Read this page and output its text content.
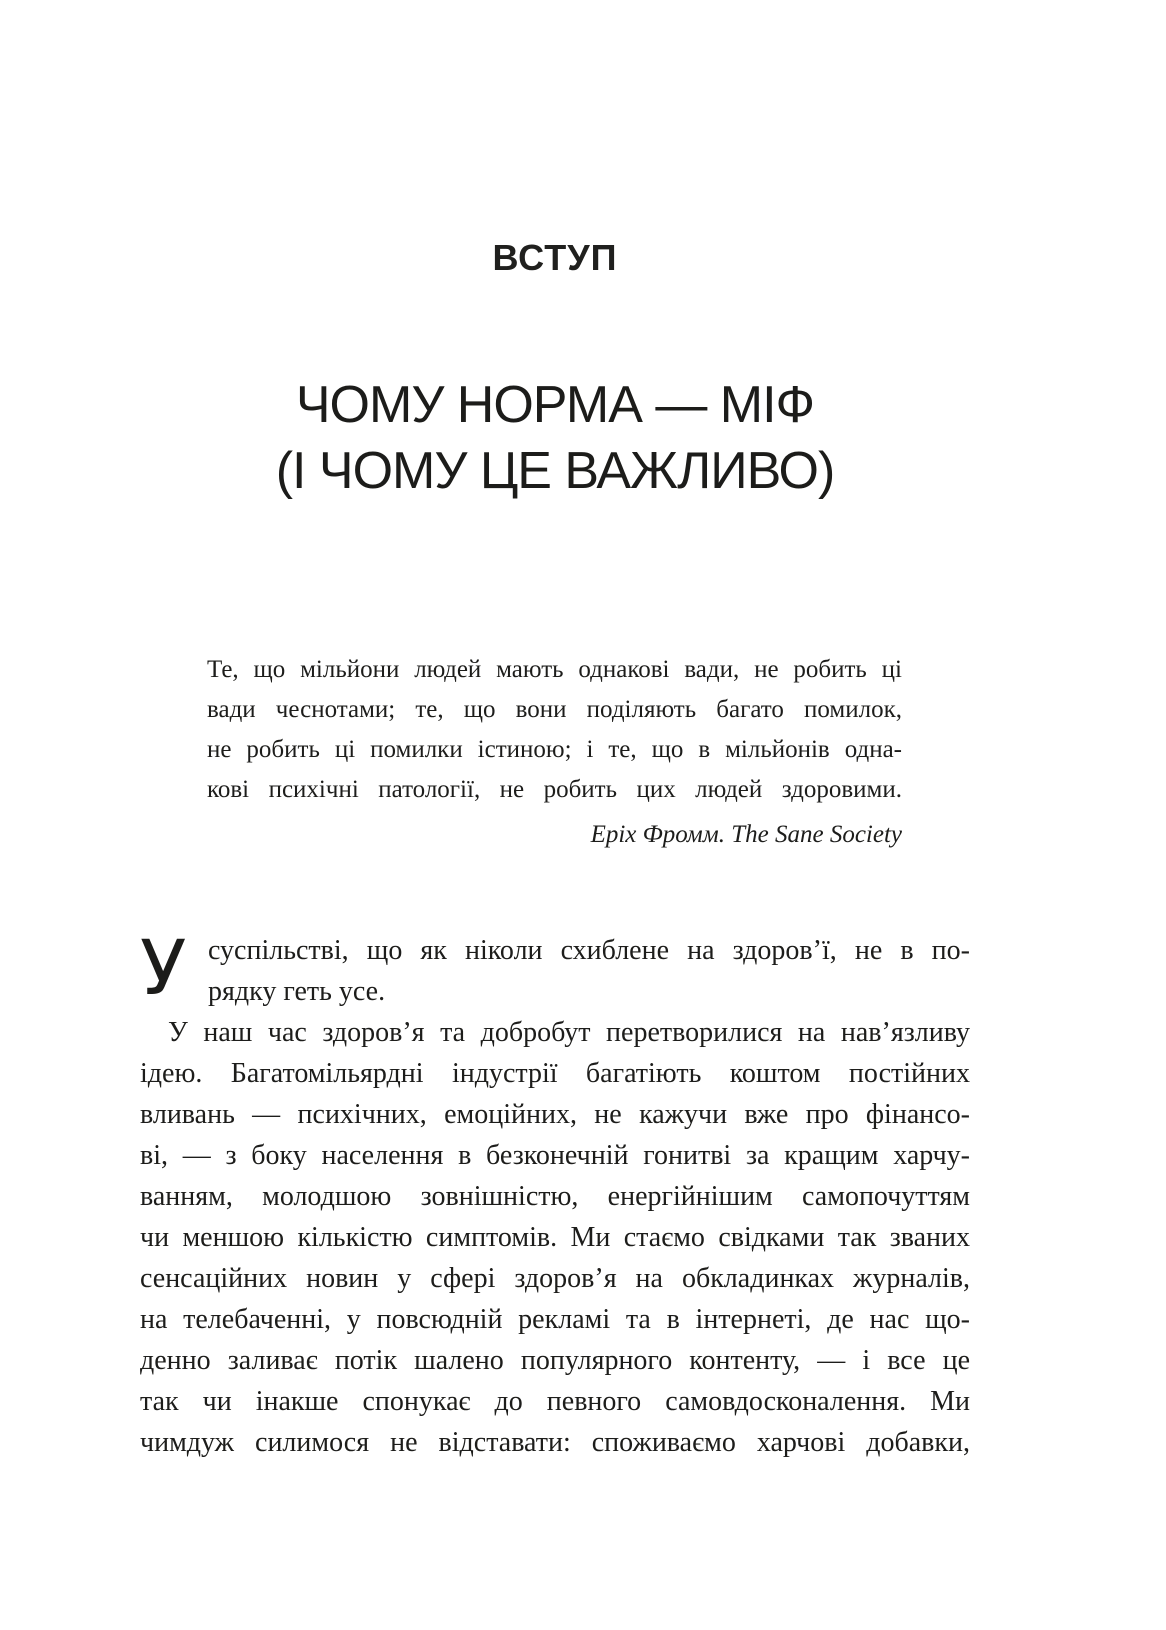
ВСТУП
ЧОМУ НОРМА — МІФ
(І ЧОМУ ЦЕ ВАЖЛИВО)
Те, що мільйони людей мають однакові вади, не робить ці
вади чеснотами; те, що вони поділяють багато помилок,
не робить ці помилки істиною; і те, що в мільйонів одна-
кові психічні патології, не робить цих людей здоровими.
Еріх Фромм. The Sane Society
У суспільстві, що як ніколи схиблене на здоров’ї, не в по-
рядку геть усе.
У наш час здоров’я та добробут перетворилися на нав’язливу
ідею. Багатомільярдні індустрії багатіють коштом постійних
вливань — психічних, емоційних, не кажучи вже про фінансо-
ві, — з боку населення в безконечній гонитві за кращим харчу-
ванням, молодшою зовнішністю, енергійнішим самопочуттям
чи меншою кількістю симптомів. Ми стаємо свідками так званих
сенсаційних новин у сфері здоров’я на обкладинках журналів,
на телебаченні, у повсюдній рекламі та в інтернеті, де нас що-
денно заливає потік шалено популярного контенту, — і все це
так чи інакше спонукає до певного самовдосконалення. Ми
чимдуж силимося не відставати: споживаємо харчові добавки,
